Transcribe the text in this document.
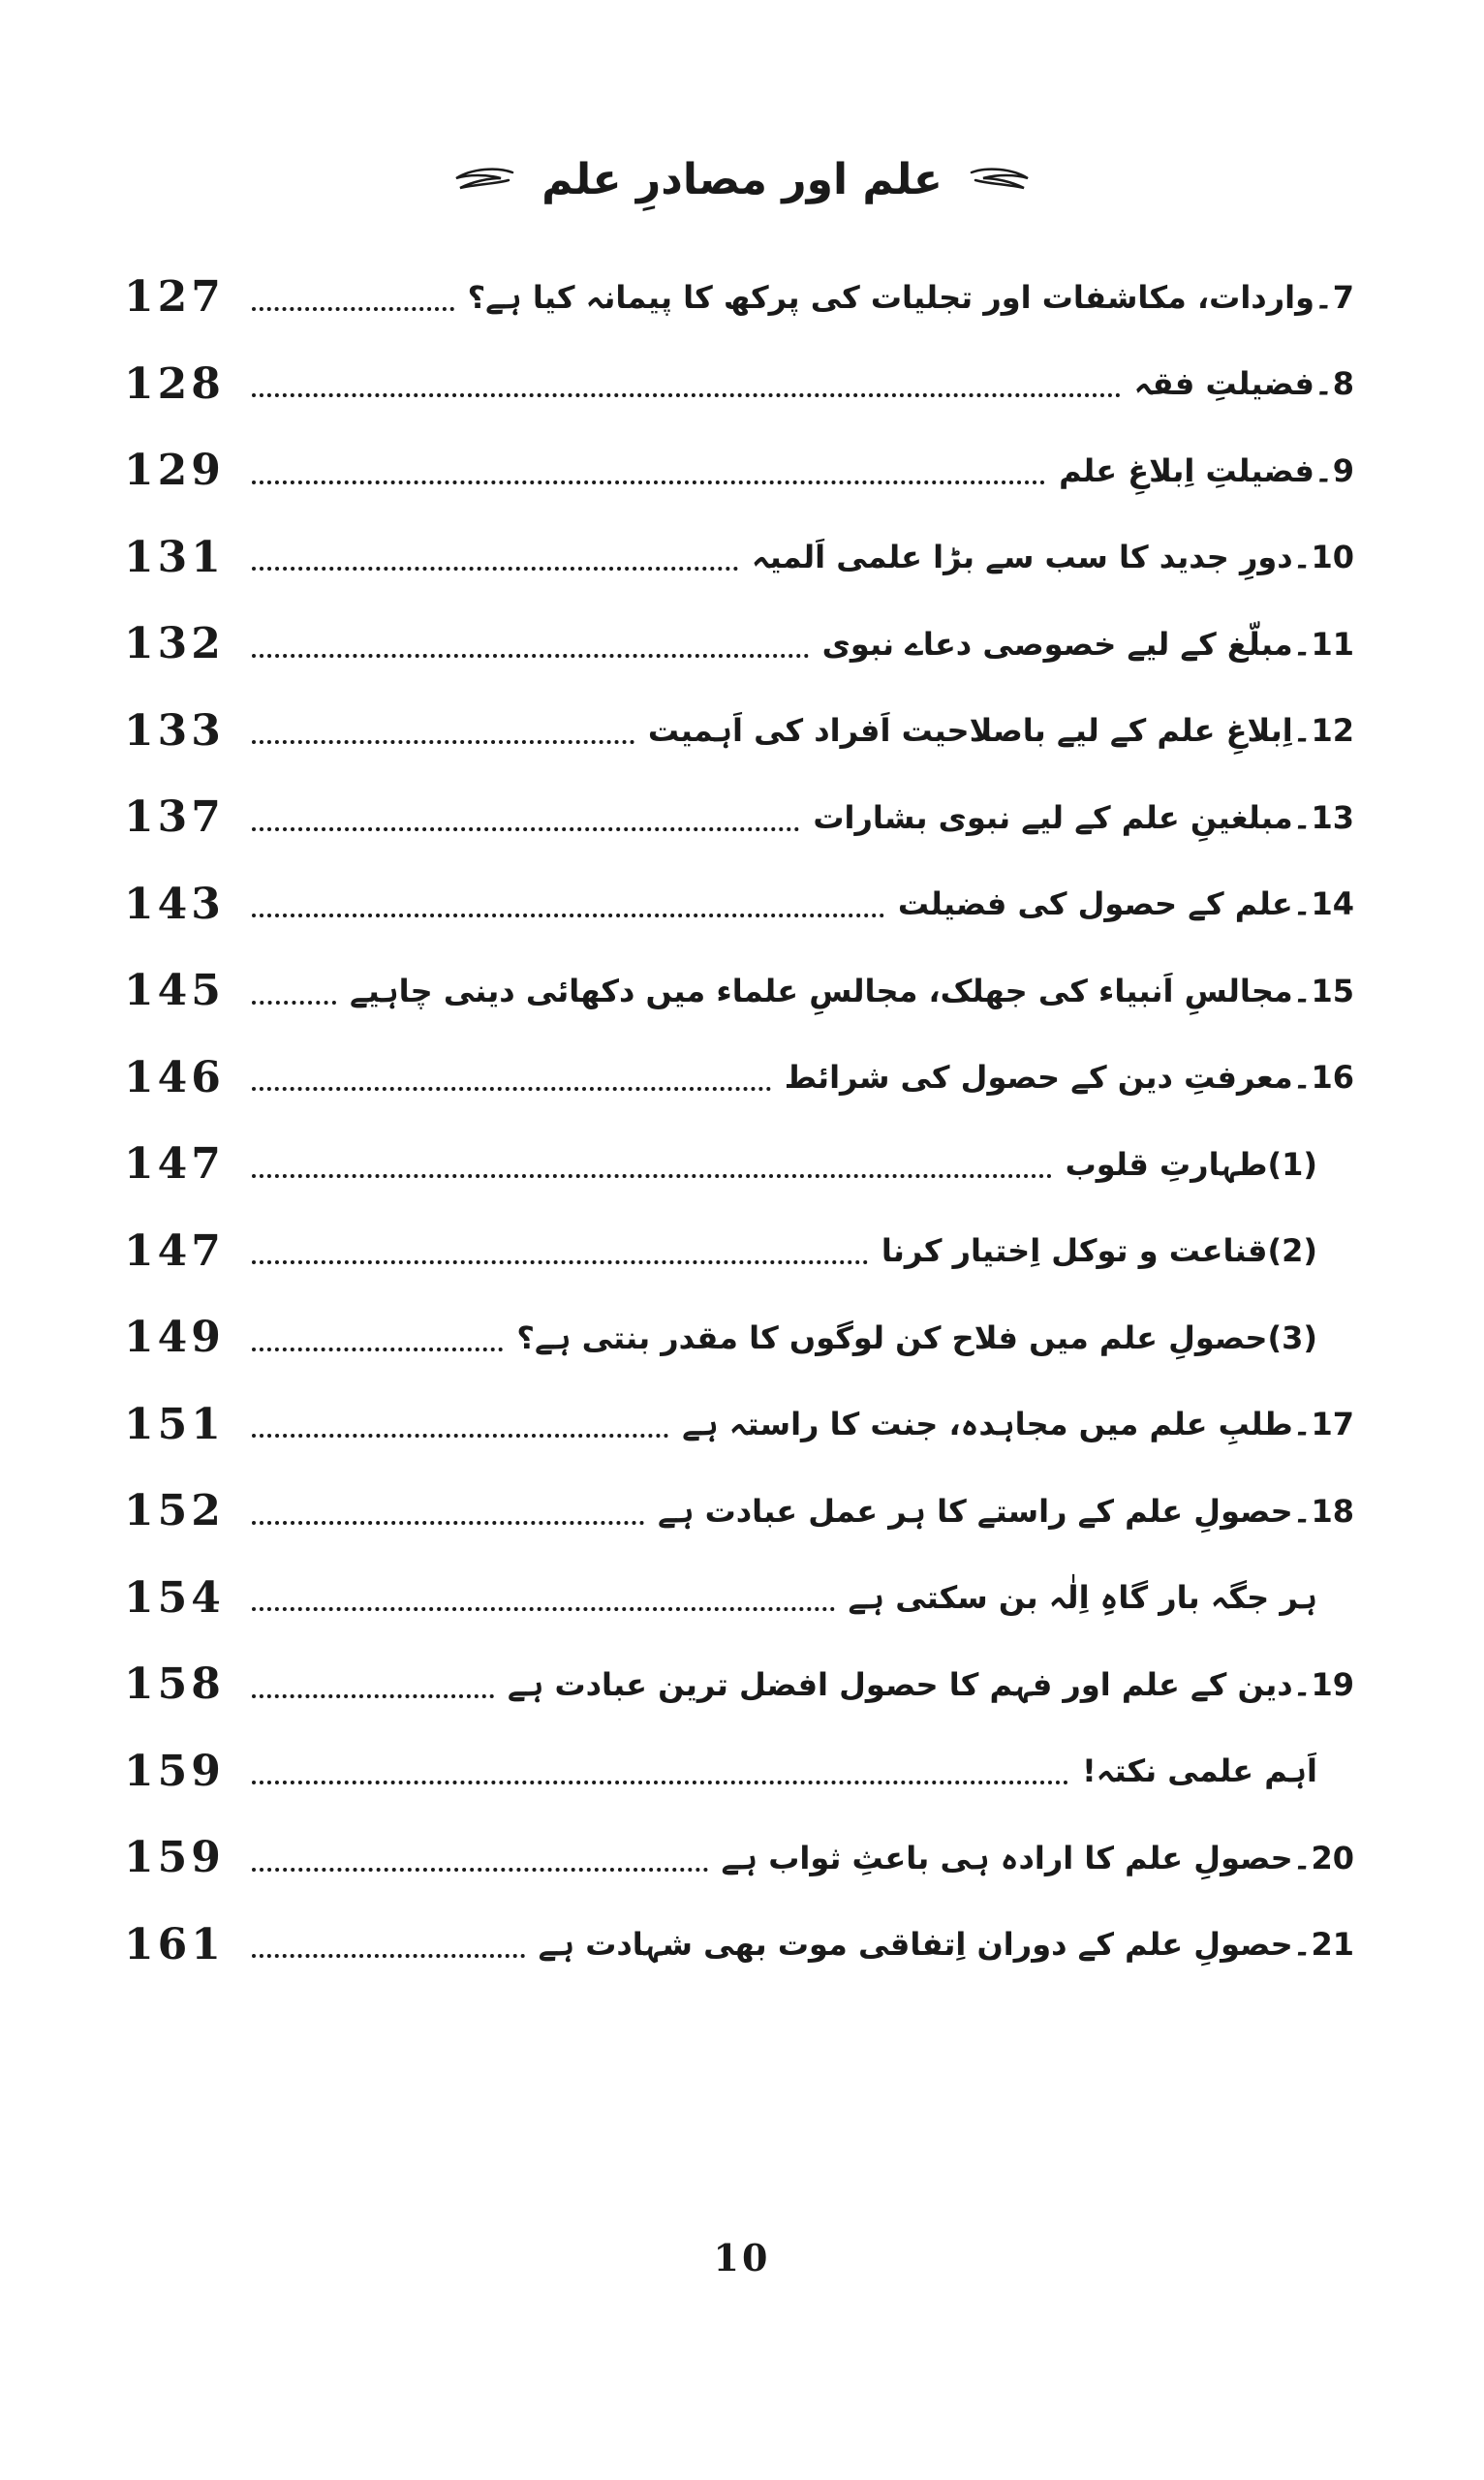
علم اور مصادرِ علم
7۔واردات، مکاشفات اور تجلیات کی پرکھ کا پیمانہ کیا ہے؟
127
8۔فضیلتِ فقہ
128
9۔فضیلتِ اِبلاغِ علم
129
10۔دورِ جدید کا سب سے بڑا علمی اَلمیہ
131
11۔مبلّغ کے لیے خصوصی دعاے نبوی
132
12۔اِبلاغِ علم کے لیے باصلاحیت اَفراد کی اَہمیت
133
13۔مبلغینِ علم کے لیے نبوی بشارات
137
14۔علم کے حصول کی فضیلت
143
15۔مجالسِ اَنبیاء کی جھلک، مجالسِ علماء میں دکھائی دینی چاہیے
145
16۔معرفتِ دین کے حصول کی شرائط
146
(1)طہارتِ قلوب
147
(2)قناعت و توکل اِختیار کرنا
147
(3)حصولِ علم میں فلاح کن لوگوں کا مقدر بنتی ہے؟
149
17۔طلبِ علم میں مجاہدہ، جنت کا راستہ ہے
151
18۔حصولِ علم کے راستے کا ہر عمل عبادت ہے
152
ہر جگہ بار گاہِ اِلٰہ بن سکتی ہے
154
19۔دین کے علم اور فہم کا حصول افضل ترین عبادت ہے
158
اَہم علمی نکتہ!
159
20۔حصولِ علم کا ارادہ ہی باعثِ ثواب ہے
159
21۔حصولِ علم کے دوران اِتفاقی موت بھی شہادت ہے
161
10
